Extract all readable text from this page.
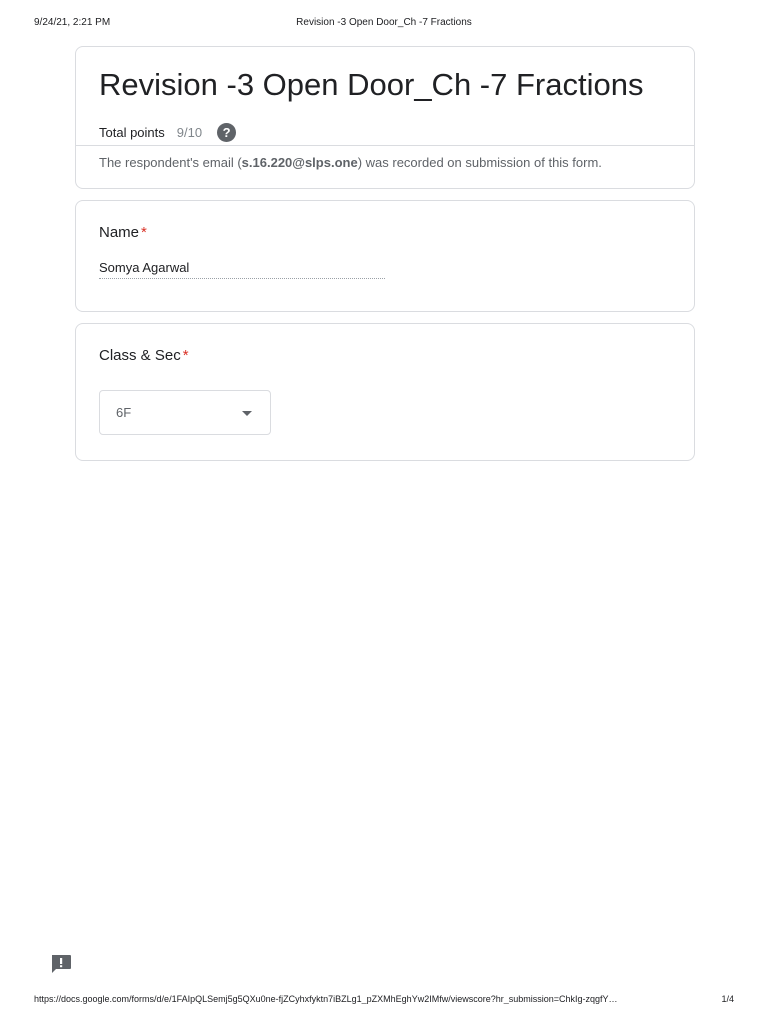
9/24/21, 2:21 PM	Revision -3 Open Door_Ch -7 Fractions
Revision -3 Open Door_Ch -7 Fractions
Total points 9/10	?
The respondent's email (s.16.220@slps.one) was recorded on submission of this form.
Name *
Somya Agarwal
Class & Sec *
6F
https://docs.google.com/forms/d/e/1FAIpQLSemj5g5QXu0ne-fjZCyhxfyktn7iBZLg1_pZXMhEghYw2IMfw/viewscore?hr_submission=ChkIg-zqgfY…	1/4
